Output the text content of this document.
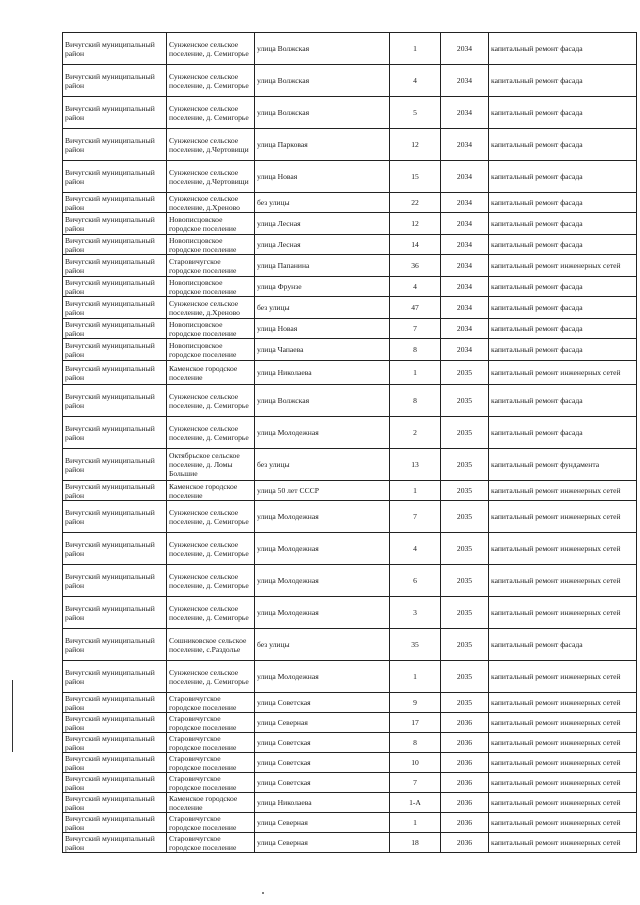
Вичугский муниципальный район	Сунженское сельское поселение, д. Семигорье	улица Волжская	1	2034	капитальный ремонт фасада
Вичугский муниципальный район	Сунженское сельское поселение, д. Семигорье	улица Волжская	4	2034	капитальный ремонт фасада
Вичугский муниципальный район	Сунженское сельское поселение, д. Семигорье	улица Волжская	5	2034	капитальный ремонт фасада
Вичугский муниципальный район	Сунженское сельское поселение, д.Чертовищи	улица Парковая	12	2034	капитальный ремонт фасада
Вичугский муниципальный район	Сунженское сельское поселение, д.Чертовищи	улица Новая	15	2034	капитальный ремонт фасада
Вичугский муниципальный район	Сунженское сельское поселение, д.Хреново	без улицы	22	2034	капитальный ремонт фасада
Вичугский муниципальный район	Новописцовское городское поселение	улица Лесная	12	2034	капитальный ремонт фасада
Вичугский муниципальный район	Новописцовское городское поселение	улица Лесная	14	2034	капитальный ремонт фасада
Вичугский муниципальный район	Старовичугское городское поселение	улица Папанина	36	2034	капитальный ремонт инженерных сетей
Вичугский муниципальный район	Новописцовское городское поселение	улица Фрунзе	4	2034	капитальный ремонт фасада
Вичугский муниципальный район	Сунженское сельское поселение, д.Хреново	без улицы	47	2034	капитальный ремонт фасада
Вичугский муниципальный район	Новописцовское городское поселение	улица Новая	7	2034	капитальный ремонт фасада
Вичугский муниципальный район	Новописцовское городское поселение	улица Чапаева	8	2034	капитальный ремонт фасада
Вичугский муниципальный район	Каменское городское поселение	улица Николаева	1	2035	капитальный ремонт инженерных сетей
Вичугский муниципальный район	Сунженское сельское поселение, д. Семигорье	улица Волжская	8	2035	капитальный ремонт фасада
Вичугский муниципальный район	Сунженское сельское поселение, д. Семигорье	улица Молодежная	2	2035	капитальный ремонт фасада
Вичугский муниципальный район	Октябрьское сельское поселение, д. Ломы Большие	без улицы	13	2035	капитальный ремонт фундамента
Вичугский муниципальный район	Каменское городское поселение	улица 50 лет СССР	1	2035	капитальный ремонт инженерных сетей
Вичугский муниципальный район	Сунженское сельское поселение, д. Семигорье	улица Молодежная	7	2035	капитальный ремонт инженерных сетей
Вичугский муниципальный район	Сунженское сельское поселение, д. Семигорье	улица Молодежная	4	2035	капитальный ремонт инженерных сетей
Вичугский муниципальный район	Сунженское сельское поселение, д. Семигорье	улица Молодежная	6	2035	капитальный ремонт инженерных сетей
Вичугский муниципальный район	Сунженское сельское поселение, д. Семигорье	улица Молодежная	3	2035	капитальный ремонт инженерных сетей
Вичугский муниципальный район	Сошниковское сельское поселение, с.Раздолье	без улицы	35	2035	капитальный ремонт фасада
Вичугский муниципальный район	Сунженское сельское поселение, д. Семигорье	улица Молодежная	1	2035	капитальный ремонт инженерных сетей
Вичугский муниципальный район	Старовичугское городское поселение	улица Советская	9	2035	капитальный ремонт инженерных сетей
Вичугский муниципальный район	Старовичугское городское поселение	улица Северная	17	2036	капитальный ремонт инженерных сетей
Вичугский муниципальный район	Старовичугское городское поселение	улица Советская	8	2036	капитальный ремонт инженерных сетей
Вичугский муниципальный район	Старовичугское городское поселение	улица Советская	10	2036	капитальный ремонт инженерных сетей
Вичугский муниципальный район	Старовичугское городское поселение	улица Советская	7	2036	капитальный ремонт инженерных сетей
Вичугский муниципальный район	Каменское городское поселение	улица Николаева	1-А	2036	капитальный ремонт инженерных сетей
Вичугский муниципальный район	Старовичугское городское поселение	улица Северная	1	2036	капитальный ремонт инженерных сетей
Вичугский муниципальный район	Старовичугское городское поселение	улица Северная	18	2036	капитальный ремонт инженерных сетей
